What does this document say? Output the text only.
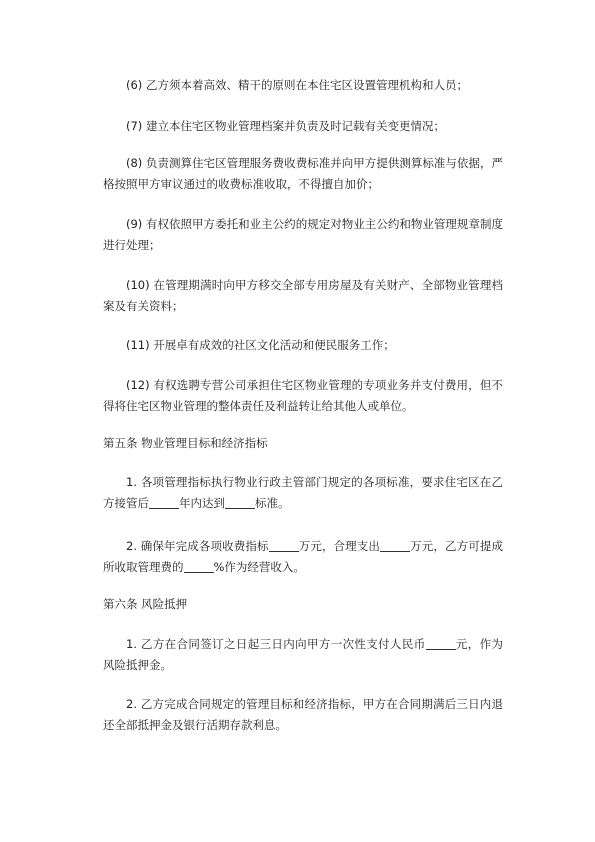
(6) 乙方须本着高效、精干的原则在本住宅区设置管理机构和人员；

(7) 建立本住宅区物业管理档案并负责及时记载有关变更情况；

(8) 负责测算住宅区管理服务费收费标准并向甲方提供测算标准与依据，严格按照甲方审议通过的收费标准收取，不得擅自加价；

(9) 有权依照甲方委托和业主公约的规定对物业主公约和物业管理规章制度进行处理；

(10) 在管理期满时向甲方移交全部专用房屋及有关财产、全部物业管理档案及有关资料；

(11) 开展卓有成效的社区文化活动和便民服务工作；

(12) 有权选聘专营公司承担住宅区物业管理的专项业务并支付费用，但不得将住宅区物业管理的整体责任及利益转让给其他人或单位。

第五条 物业管理目标和经济指标

1. 各项管理指标执行物业行政主管部门规定的各项标准，要求住宅区在乙方接管后	年内达到	标准。

2. 确保年完成各项收费指标	万元，合理支出	万元，乙方可提成所收取管理费的	%作为经营收入。

第六条 风险抵押

1. 乙方在合同签订之日起三日内向甲方一次性支付人民币	元，作为风险抵押金。

2. 乙方完成合同规定的管理目标和经济指标，甲方在合同期满后三日内退还全部抵押金及银行活期存款利息。
